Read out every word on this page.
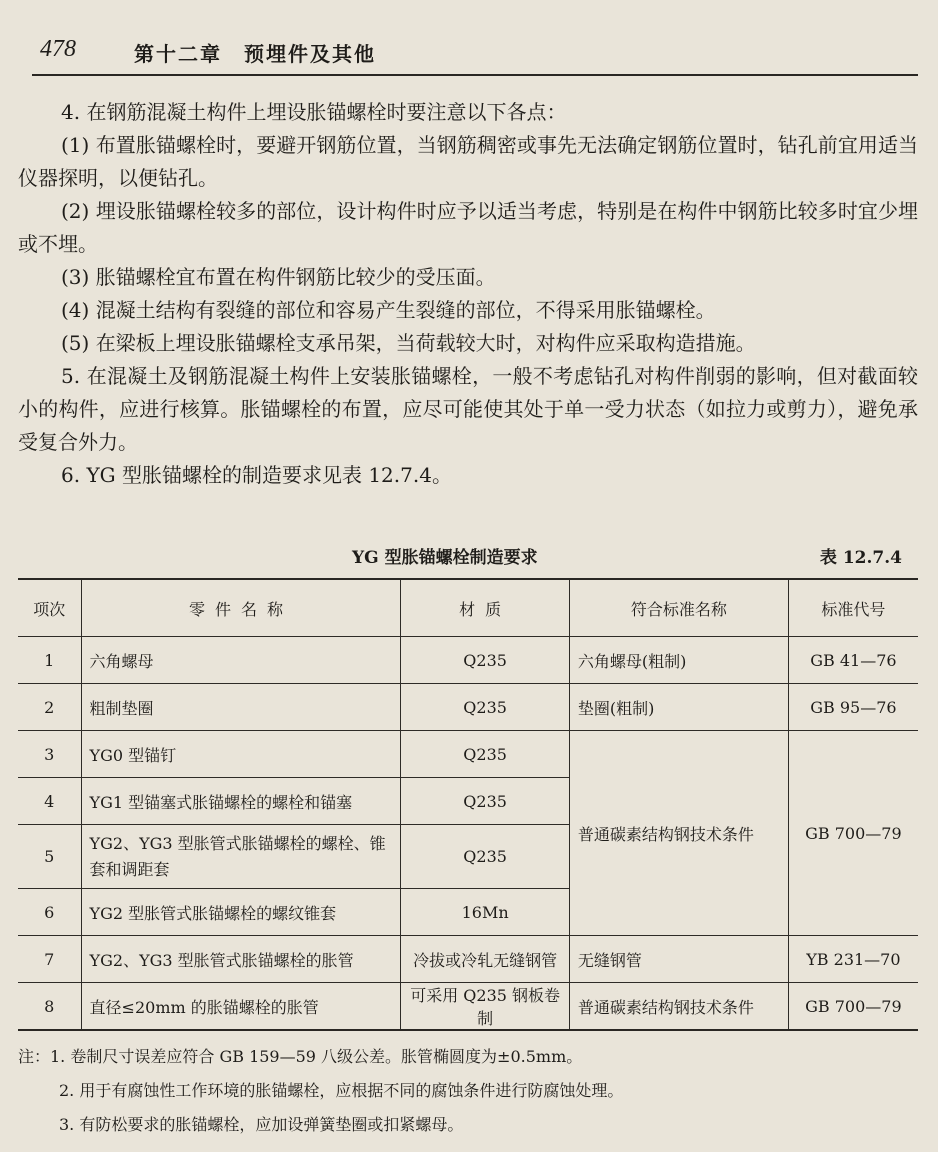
478	第十二章　预埋件及其他

4. 在钢筋混凝土构件上埋设胀锚螺栓时要注意以下各点：

(1) 布置胀锚螺栓时，要避开钢筋位置，当钢筋稠密或事先无法确定钢筋位置时，钻孔前宜用适当仪器探明，以便钻孔。

(2) 埋设胀锚螺栓较多的部位，设计构件时应予以适当考虑，特别是在构件中钢筋比较多时宜少埋或不埋。

(3) 胀锚螺栓宜布置在构件钢筋比较少的受压面。

(4) 混凝土结构有裂缝的部位和容易产生裂缝的部位，不得采用胀锚螺栓。

(5) 在梁板上埋设胀锚螺栓支承吊架，当荷载较大时，对构件应采取构造措施。

5. 在混凝土及钢筋混凝土构件上安装胀锚螺栓，一般不考虑钻孔对构件削弱的影响，但对截面较小的构件，应进行核算。胀锚螺栓的布置，应尽可能使其处于单一受力状态（如拉力或剪力），避免承受复合外力。

6. YG 型胀锚螺栓的制造要求见表 12.7.4。

YG 型胀锚螺栓制造要求	表 12.7.4
项次	零件名称	材质	符合标准名称	标准代号
1	六角螺母	Q235	六角螺母(粗制)	GB 41—76
2	粗制垫圈	Q235	垫圈(粗制)	GB 95—76
3	YG0 型锚钉	Q235	普通碳素结构钢技术条件	GB 700—79
4	YG1 型锚塞式胀锚螺栓的螺栓和锚塞	Q235		
5	YG2、YG3 型胀管式胀锚螺栓的螺栓、锥套和调距套	Q235		
6	YG2 型胀管式胀锚螺栓的螺纹锥套	16Mn		
7	YG2、YG3 型胀管式胀锚螺栓的胀管	冷拔或冷轧无缝钢管	无缝钢管	YB 231—70
8	直径≤20mm 的胀锚螺栓的胀管	可采用 Q235 钢板卷制	普通碳素结构钢技术条件	GB 700—79

注：1. 卷制尺寸误差应符合 GB 159—59 八级公差。胀管椭圆度为±0.5mm。

2. 用于有腐蚀性工作环境的胀锚螺栓，应根据不同的腐蚀条件进行防腐蚀处理。

3. 有防松要求的胀锚螺栓，应加设弹簧垫圈或扣紧螺母。
